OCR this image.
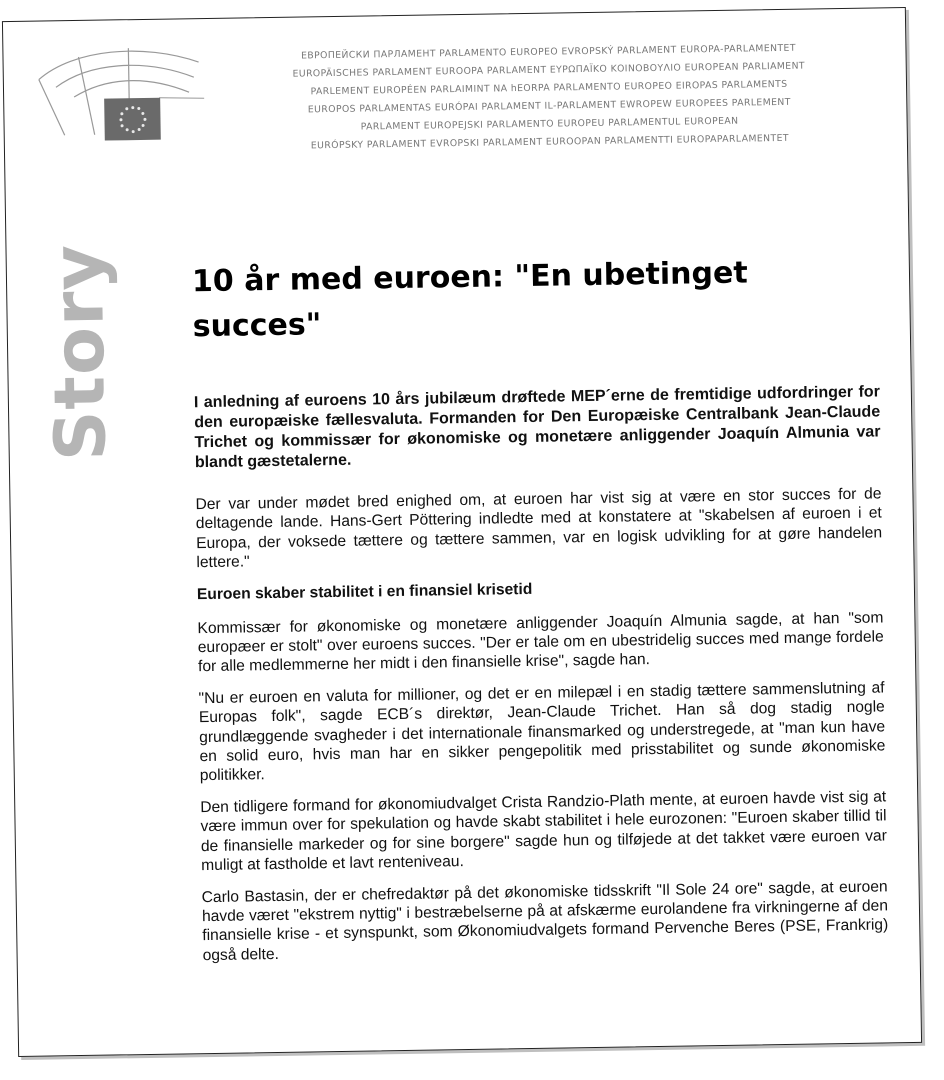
ЕВРОПЕЙСКИ ПАРЛАМЕНТ PARLAMENTO EUROPEO EVROPSKÝ PARLAMENT EUROPA-PARLAMENTET
EUROPÄISCHES PARLAMENT EUROOPA PARLAMENT ΕΥΡΩΠΑΪΚΟ ΚΟΙΝΟΒΟΥΛΙΟ EUROPEAN PARLIAMENT
PARLEMENT EUROPÉEN PARLAIMINT NA hEORPA PARLAMENTO EUROPEO EIROPAS PARLAMENTS
EUROPOS PARLAMENTAS EURÓPAI PARLAMENT IL-PARLAMENT EWROPEW EUROPEES PARLEMENT
PARLAMENT EUROPEJSKI PARLAMENTO EUROPEU PARLAMENTUL EUROPEAN
EURÓPSKY PARLAMENT EVROPSKI PARLAMENT EUROOPAN PARLAMENTTI EUROPAPARLAMENTET
Story 10 år med euroen: "En ubetinget succes"

I anledning af euroens 10 års jubilæum drøftede MEP´erne de fremtidige udfordringer for den europæiske fællesvaluta. Formanden for Den Europæiske Centralbank Jean-Claude Trichet og kommissær for økonomiske og monetære anliggender Joaquín Almunia var blandt gæstetalerne.

Der var under mødet bred enighed om, at euroen har vist sig at være en stor succes for de deltagende lande. Hans-Gert Pöttering indledte med at konstatere at "skabelsen af euroen i et Europa, der voksede tættere og tættere sammen, var en logisk udvikling for at gøre handelen lettere."

Euroen skaber stabilitet i en finansiel krisetid

Kommissær for økonomiske og monetære anliggender Joaquín Almunia sagde, at han "som europæer er stolt" over euroens succes. "Der er tale om en ubestridelig succes med mange fordele for alle medlemmerne her midt i den finansielle krise", sagde han.

"Nu er euroen en valuta for millioner, og det er en milepæl i en stadig tættere sammenslutning af Europas folk", sagde ECB´s direktør, Jean-Claude Trichet. Han så dog stadig nogle grundlæggende svagheder i det internationale finansmarked og understregede, at "man kun have en solid euro, hvis man har en sikker pengepolitik med prisstabilitet og sunde økonomiske politikker.

Den tidligere formand for økonomiudvalget Crista Randzio-Plath mente, at euroen havde vist sig at være immun over for spekulation og havde skabt stabilitet i hele eurozonen: "Euroen skaber tillid til de finansielle markeder og for sine borgere" sagde hun og tilføjede at det takket være euroen var muligt at fastholde et lavt renteniveau.

Carlo Bastasin, der er chefredaktør på det økonomiske tidsskrift "Il Sole 24 ore" sagde, at euroen havde været "ekstrem nyttig" i bestræbelserne på at afskærme eurolandene fra virkningerne af den finansielle krise - et synspunkt, som Økonomiudvalgets formand Pervenche Beres (PSE, Frankrig) også delte.
